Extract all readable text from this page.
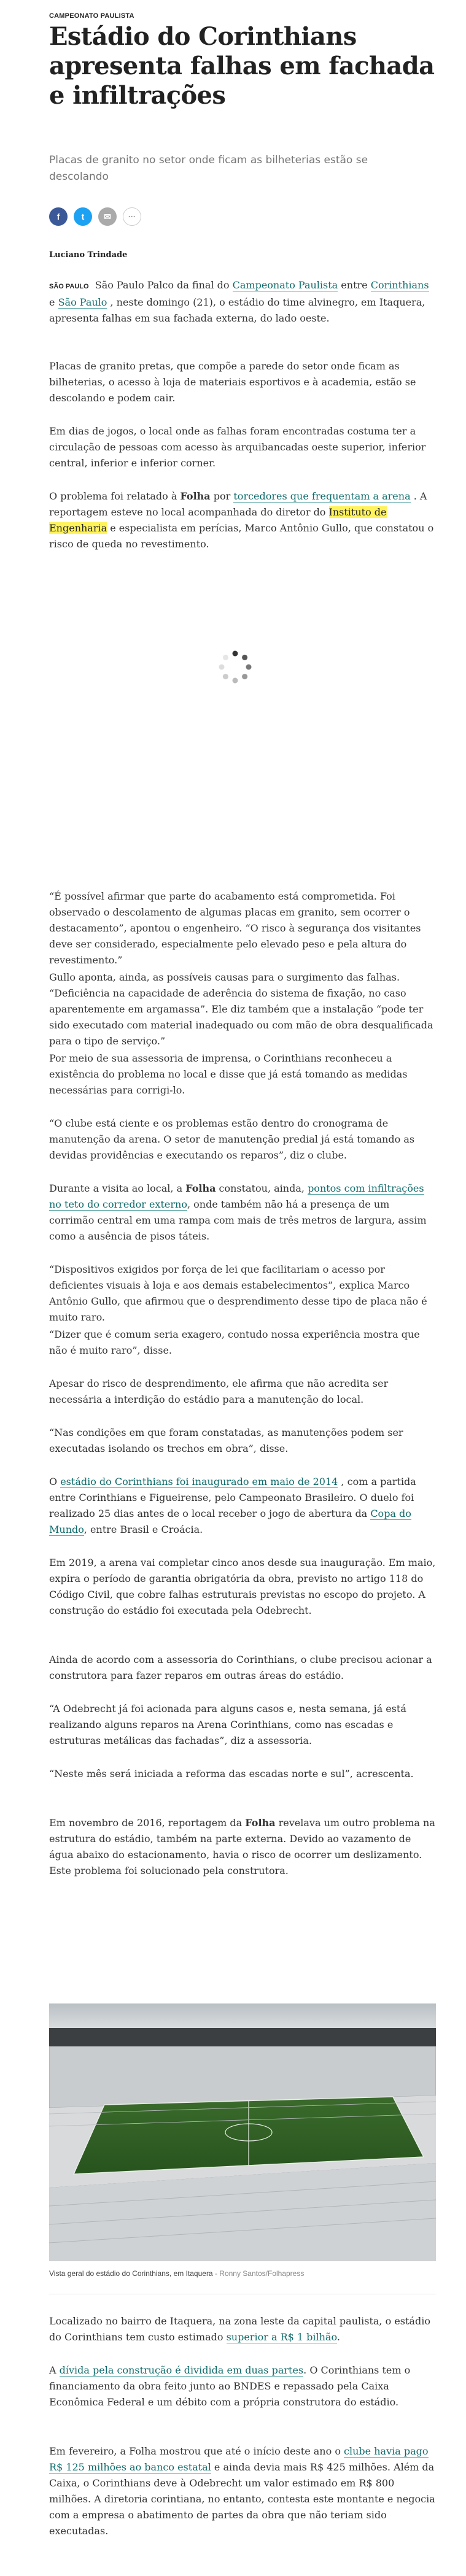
CAMPEONATO PAULISTA
Estádio do Corinthians apresenta falhas em fachada e infiltrações

Placas de granito no setor onde ficam as bilheterias estão se descolando

f	t	✉	···
Luciano Trindade

SÃO PAULO São Paulo Palco da final do Campeonato Paulista entre Corinthians e São Paulo , neste domingo (21), o estádio do time alvinegro, em Itaquera, apresenta falhas em sua fachada externa, do lado oeste.

Placas de granito pretas, que compõe a parede do setor onde ficam as bilheterias, o acesso à loja de materiais esportivos e à academia, estão se descolando e podem cair.

Em dias de jogos, o local onde as falhas foram encontradas costuma ter a circulação de pessoas com acesso às arquibancadas oeste superior, inferior central, inferior e inferior corner.

O problema foi relatado à Folha por torcedores que frequentam a arena . A reportagem esteve no local acompanhada do diretor do Instituto de Engenharia e especialista em perícias, Marco Antônio Gullo, que constatou o risco de queda no revestimento.

“É possível afirmar que parte do acabamento está comprometida. Foi observado o descolamento de algumas placas em granito, sem ocorrer o destacamento”, apontou o engenheiro. “O risco à segurança dos visitantes deve ser considerado, especialmente pelo elevado peso e pela altura do revestimento.”

Gullo aponta, ainda, as possíveis causas para o surgimento das falhas. “Deficiência na capacidade de aderência do sistema de fixação, no caso aparentemente em argamassa”. Ele diz também que a instalação “pode ter sido executado com material inadequado ou com mão de obra desqualificada para o tipo de serviço.”

Por meio de sua assessoria de imprensa, o Corinthians reconheceu a existência do problema no local e disse que já está tomando as medidas necessárias para corrigi-lo.

“O clube está ciente e os problemas estão dentro do cronograma de manutenção da arena. O setor de manutenção predial já está tomando as devidas providências e executando os reparos”, diz o clube.

Durante a visita ao local, a Folha constatou, ainda, pontos com infiltrações no teto do corredor externo, onde também não há a presença de um corrimão central em uma rampa com mais de três metros de largura, assim como a ausência de pisos táteis.

“Dispositivos exigidos por força de lei que facilitariam o acesso por deficientes visuais à loja e aos demais estabelecimentos”, explica Marco Antônio Gullo, que afirmou que o desprendimento desse tipo de placa não é muito raro.

“Dizer que é comum seria exagero, contudo nossa experiência mostra que não é muito raro”, disse.

Apesar do risco de desprendimento, ele afirma que não acredita ser necessária a interdição do estádio para a manutenção do local.

“Nas condições em que foram constatadas, as manutenções podem ser executadas isolando os trechos em obra”, disse.

O estádio do Corinthians foi inaugurado em maio de 2014 , com a partida entre Corinthians e Figueirense, pelo Campeonato Brasileiro. O duelo foi realizado 25 dias antes de o local receber o jogo de abertura da Copa do Mundo, entre Brasil e Croácia.

Em 2019, a arena vai completar cinco anos desde sua inauguração. Em maio, expira o período de garantia obrigatória da obra, previsto no artigo 118 do Código Civil, que cobre falhas estruturais previstas no escopo do projeto. A construção do estádio foi executada pela Odebrecht.

Ainda de acordo com a assessoria do Corinthians, o clube precisou acionar a construtora para fazer reparos em outras áreas do estádio.

“A Odebrecht já foi acionada para alguns casos e, nesta semana, já está realizando alguns reparos na Arena Corinthians, como nas escadas e estruturas metálicas das fachadas”, diz a assessoria.

“Neste mês será iniciada a reforma das escadas norte e sul”, acrescenta.

Em novembro de 2016, reportagem da Folha revelava um outro problema na estrutura do estádio, também na parte externa. Devido ao vazamento de água abaixo do estacionamento, havia o risco de ocorrer um deslizamento. Este problema foi solucionado pela construtora.

Vista geral do estádio do Corinthians, em Itaquera - Ronny Santos/Folhapress

Localizado no bairro de Itaquera, na zona leste da capital paulista, o estádio do Corinthians tem custo estimado superior a R$ 1 bilhão.

A dívida pela construção é dividida em duas partes. O Corinthians tem o financiamento da obra feito junto ao BNDES e repassado pela Caixa Econômica Federal e um débito com a própria construtora do estádio.

Em fevereiro, a Folha mostrou que até o início deste ano o clube havia pago R$ 125 milhões ao banco estatal e ainda devia mais R$ 425 milhões. Além da Caixa, o Corinthians deve à Odebrecht um valor estimado em R$ 800 milhões. A diretoria corintiana, no entanto, contesta este montante e negocia com a empresa o abatimento de partes da obra que não teriam sido executadas.
